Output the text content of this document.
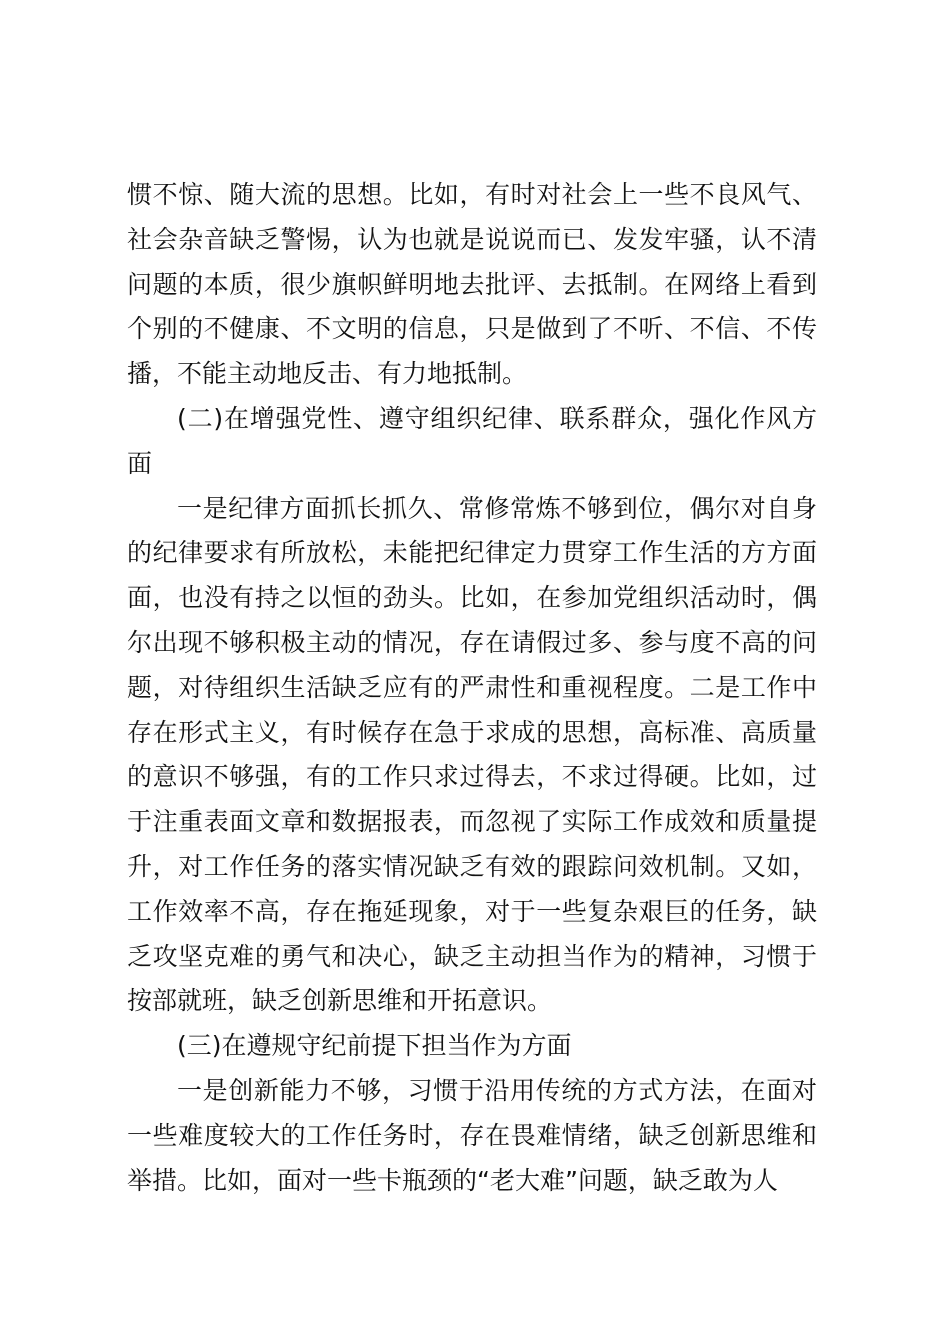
惯不惊、随大流的思想。比如，有时对社会上一些不良风气、社会杂音缺乏警惕，认为也就是说说而已、发发牢骚，认不清问题的本质，很少旗帜鲜明地去批评、去抵制。在网络上看到个别的不健康、不文明的信息，只是做到了不听、不信、不传播，不能主动地反击、有力地抵制。

(二)在增强党性、遵守组织纪律、联系群众，强化作风方面

一是纪律方面抓长抓久、常修常炼不够到位，偶尔对自身的纪律要求有所放松，未能把纪律定力贯穿工作生活的方方面面，也没有持之以恒的劲头。比如，在参加党组织活动时，偶尔出现不够积极主动的情况，存在请假过多、参与度不高的问题，对待组织生活缺乏应有的严肃性和重视程度。二是工作中存在形式主义，有时候存在急于求成的思想，高标准、高质量的意识不够强，有的工作只求过得去，不求过得硬。比如，过于注重表面文章和数据报表，而忽视了实际工作成效和质量提升，对工作任务的落实情况缺乏有效的跟踪问效机制。又如，工作效率不高，存在拖延现象，对于一些复杂艰巨的任务，缺乏攻坚克难的勇气和决心，缺乏主动担当作为的精神，习惯于按部就班，缺乏创新思维和开拓意识。

(三)在遵规守纪前提下担当作为方面

一是创新能力不够，习惯于沿用传统的方式方法，在面对一些难度较大的工作任务时，存在畏难情绪，缺乏创新思维和举措。比如，面对一些卡瓶颈的“老大难”问题，缺乏敢为人
